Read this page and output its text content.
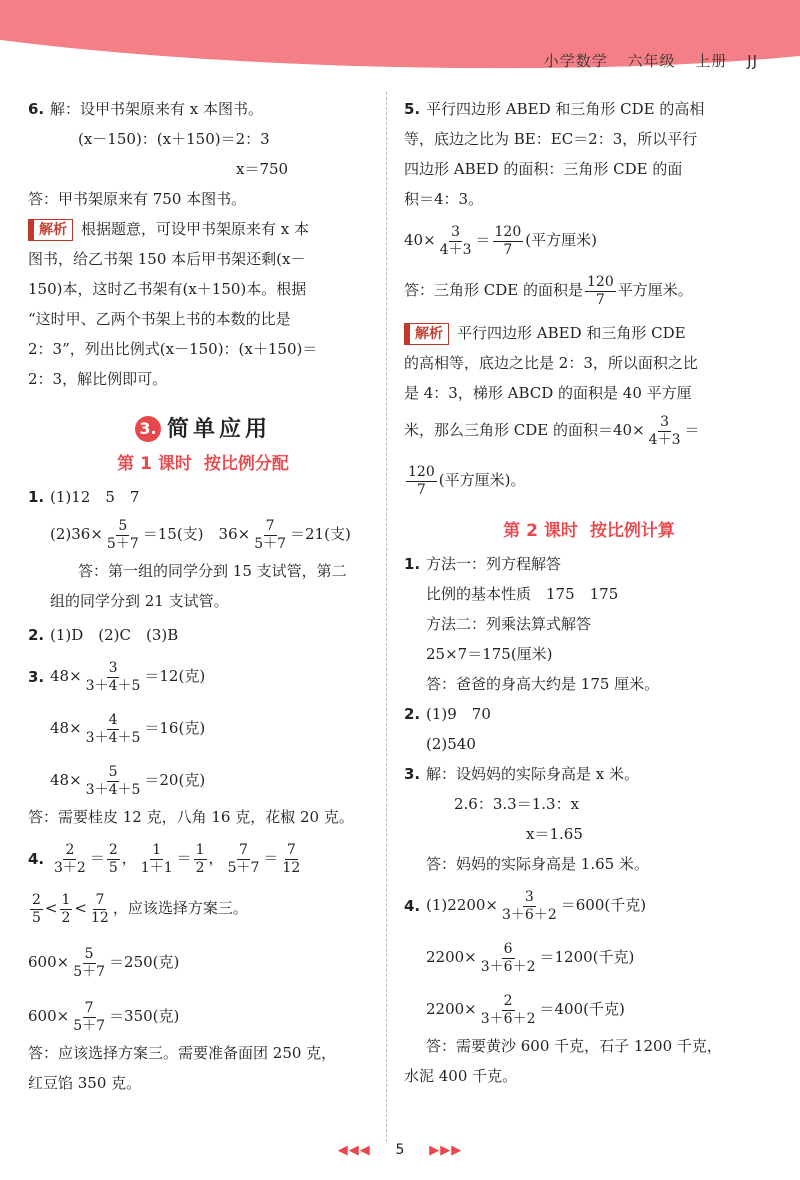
小学数学 六年级 上册 JJ
6. 解：设甲书架原来有 x 本图书。
(x－150)：(x＋150)＝2：3
x＝750
答：甲书架原来有 750 本图书。
解析 根据题意，可设甲书架原来有 x 本
图书，给乙书架 150 本后甲书架还剩(x－
150)本，这时乙书架有(x＋150)本。根据
“这时甲、乙两个书架上书的本数的比是
2：3”，列出比例式(x－150)：(x＋150)＝
2：3，解比例即可。
3. 简单应用
第 1 课时 按比例分配
1. (1)12　5　7
$(2)36\times \frac{5}{5+7} =15$(支)　$36\times \frac{7}{5+7} =21$(支)
答：第一组的同学分到 15 支试管，第二
组的同学分到 21 支试管。
2. (1)D　(2)C　(3)B
3. $48\times \frac{3}{3+4+5} =12$(克)
$48\times \frac{4}{3+4+5} =16$(克)
$48\times \frac{5}{3+4+5} =20$(克)
答：需要桂皮 12 克，八角 16 克，花椒 20 克。
4. $\frac{2}{3+2} = \frac{2}{5}$ ， $\frac{1}{1+1} = \frac{1}{2}$ ， $\frac{7}{5+7} = \frac{7}{12}$
$\frac{2}{5} < \frac{1}{2} < \frac{7}{12}$ ，应该选择方案三。
$600\times \frac{5}{5+7} =250$(克)
$600\times \frac{7}{5+7} =350$(克)
答：应该选择方案三。需要准备面团 250 克，
红豆馅 350 克。
5. 平行四边形 ABED 和三角形 CDE 的高相
等，底边之比为 BE：EC＝2：3，所以平行
四边形 ABED 的面积：三角形 CDE 的面
积＝4：3。
$40\times \frac{3}{4+3} = \frac{120}{7}$ (平方厘米)
答：三角形 CDE 的面积是 $\frac{120}{7}$ 平方厘米。
解析 平行四边形 ABED 和三角形 CDE
的高相等，底边之比是 2：3，所以面积之比
是 4：3，梯形 ABCD 的面积是 40 平方厘
米，那么三角形 CDE 的面积$=40\times \frac{3}{4+3}$ ＝
$\frac{120}{7}$ (平方厘米)。
第 2 课时 按比例计算
1. 方法一：列方程解答
比例的基本性质　175　175
方法二：列乘法算式解答
25×7＝175(厘米)
答：爸爸的身高大约是 175 厘米。
2. (1)9　70
(2)540
3. 解：设妈妈的实际身高是 x 米。
2.6：3.3＝1.3：x
x＝1.65
答：妈妈的实际身高是 1.65 米。
4. $(1)2200\times \frac{3}{3+6+2} =600$(千克)
$2200\times \frac{6}{3+6+2} =1200$(千克)
$2200\times \frac{2}{3+6+2} =400$(千克)
答：需要黄沙 600 千克，石子 1200 千克，
水泥 400 千克。
◀◀◀ 5 ▶▶▶
